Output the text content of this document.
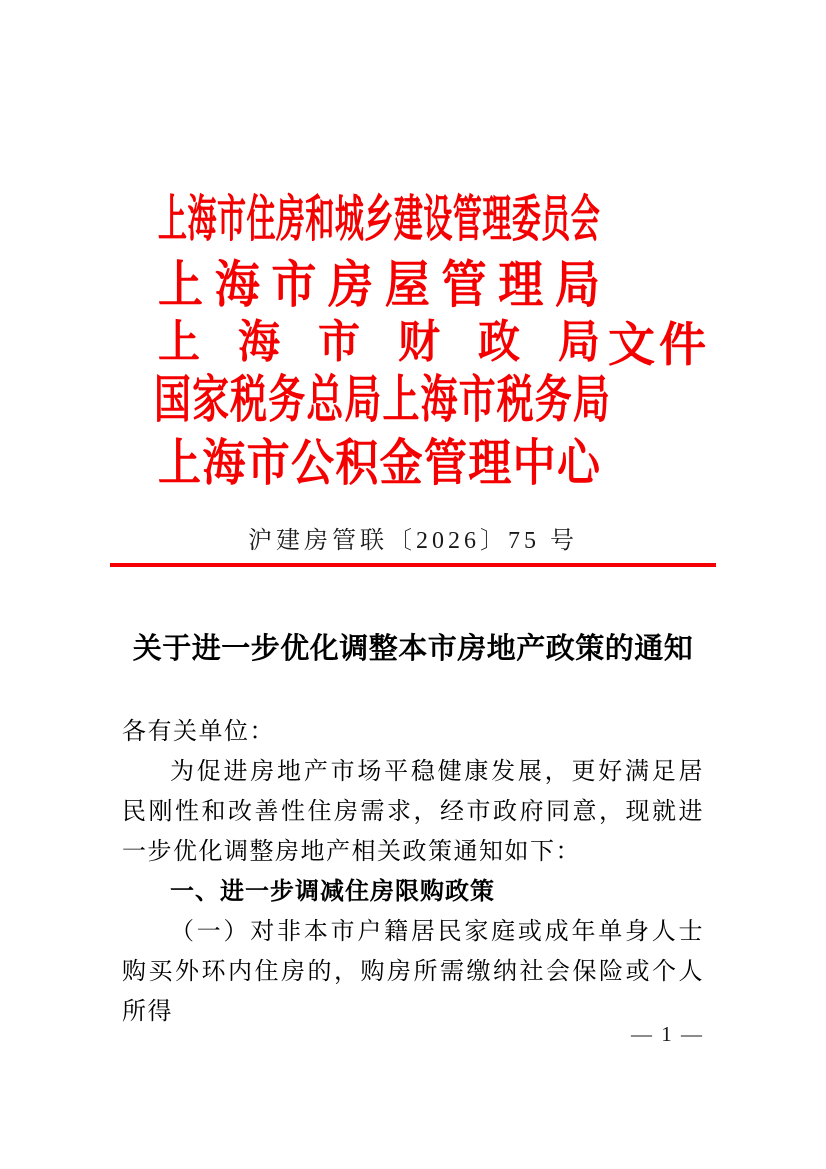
上 海 市 住 房 和 城 乡 建 设 管 理 委 员 会
上 海 市 房 屋 管 理 局
上 海 市 财 政 局
国 家 税 务 总 局 上 海 市 税 务 局
上 海 市 公 积 金 管 理 中 心
文件
沪建房管联〔2026〕75 号
关于进一步优化调整本市房地产政策的通知

各有关单位：

为促进房地产市场平稳健康发展，更好满足居民刚性和改善性住房需求，经市政府同意，现就进一步优化调整房地产相关政策通知如下：

一、进一步调减住房限购政策

（一）对非本市户籍居民家庭或成年单身人士购买外环内住房的，购房所需缴纳社会保险或个人所得

— 1 —
